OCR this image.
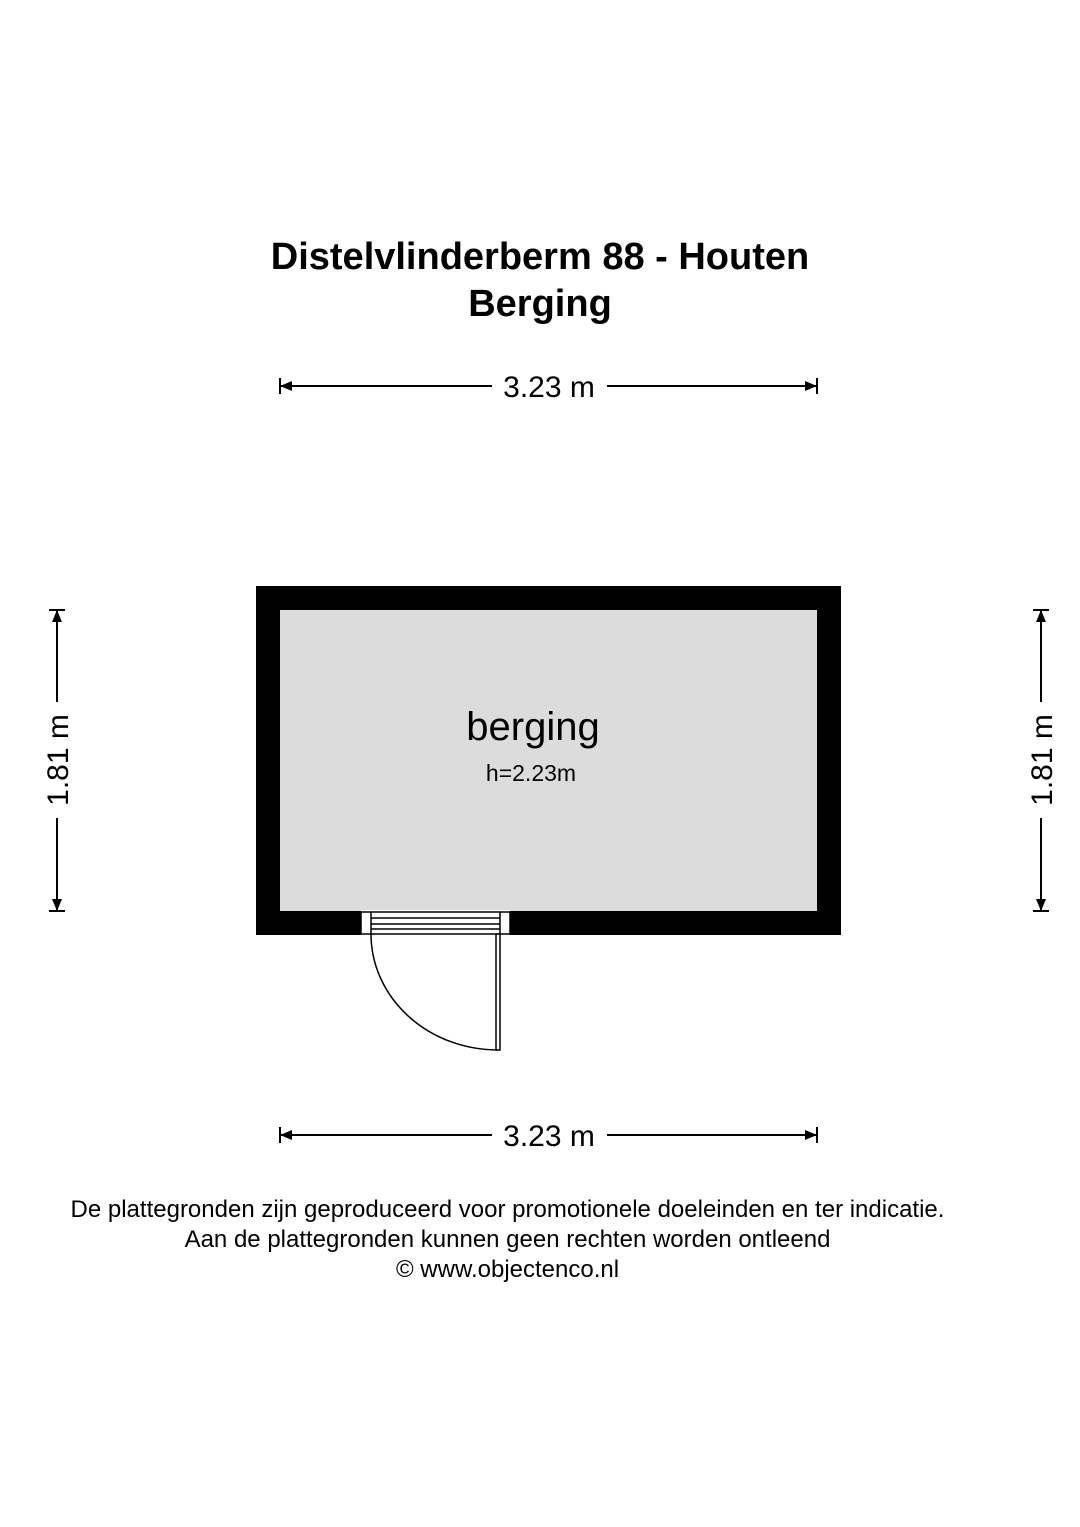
Distelvlinderberm 88 - Houten
Berging
berging
h=2.23m
3.23 m
3.23 m
1.81 m	1.81 m
De plattegronden zijn geproduceerd voor promotionele doeleinden en ter indicatie.
Aan de plattegronden kunnen geen rechten worden ontleend
© www.objectenco.nl
